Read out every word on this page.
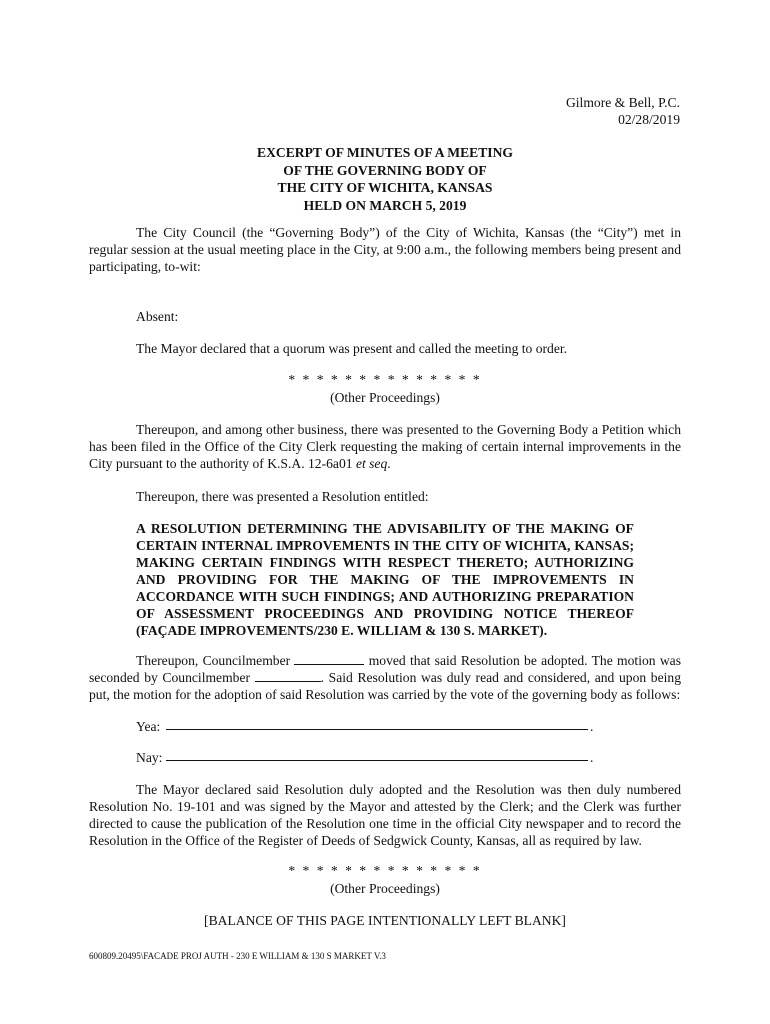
Gilmore & Bell, P.C.
02/28/2019
EXCERPT OF MINUTES OF A MEETING
OF THE GOVERNING BODY OF
THE CITY OF WICHITA, KANSAS
HELD ON MARCH 5, 2019

The City Council (the “Governing Body”) of the City of Wichita, Kansas (the “City”) met in regular session at the usual meeting place in the City, at 9:00 a.m., the following members being present and participating, to-wit:

Absent:
The Mayor declared that a quorum was present and called the meeting to order.
* * * * * * * * * * * * * *
(Other Proceedings)

Thereupon, and among other business, there was presented to the Governing Body a Petition which has been filed in the Office of the City Clerk requesting the making of certain internal improvements in the City pursuant to the authority of K.S.A. 12-6a01 et seq.

Thereupon, there was presented a Resolution entitled:

A RESOLUTION DETERMINING THE ADVISABILITY OF THE MAKING OF CERTAIN INTERNAL IMPROVEMENTS IN THE CITY OF WICHITA, KANSAS; MAKING CERTAIN FINDINGS WITH RESPECT THERETO; AUTHORIZING AND PROVIDING FOR THE MAKING OF THE IMPROVEMENTS IN ACCORDANCE WITH SUCH FINDINGS; AND AUTHORIZING PREPARATION OF ASSESSMENT PROCEEDINGS AND PROVIDING NOTICE THEREOF (FAÇADE IMPROVEMENTS/230 E. WILLIAM & 130 S. MARKET).

Thereupon, Councilmember	moved that said Resolution be adopted. The motion was seconded by Councilmember	. Said Resolution was duly read and considered, and upon being put, the motion for the adoption of said Resolution was carried by the vote of the governing body as follows:

Yea:	.
Nay:	.

The Mayor declared said Resolution duly adopted and the Resolution was then duly numbered Resolution No. 19-101 and was signed by the Mayor and attested by the Clerk; and the Clerk was further directed to cause the publication of the Resolution one time in the official City newspaper and to record the Resolution in the Office of the Register of Deeds of Sedgwick County, Kansas, all as required by law.

* * * * * * * * * * * * * *
(Other Proceedings)
[BALANCE OF THIS PAGE INTENTIONALLY LEFT BLANK]
600809.20495\FACADE PROJ AUTH - 230 E WILLIAM & 130 S MARKET V.3
